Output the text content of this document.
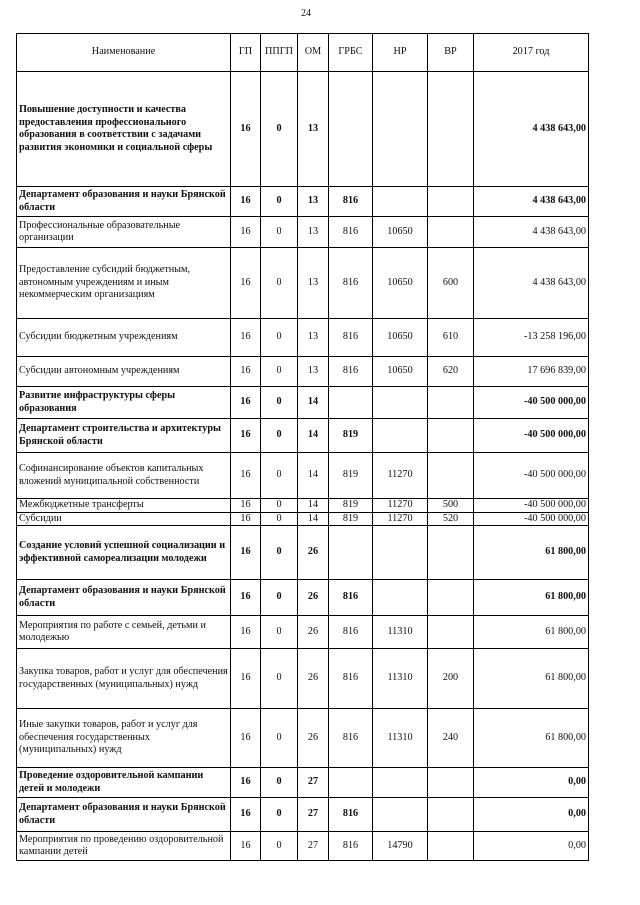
24
Наименование	ГП	ППГП	ОМ	ГРБС	НР	ВР	2017 год
Повышение доступности и качества предоставления профессионального образования в соответствии с задачами развития экономики и социальной сферы	16	0	13				4 438 643,00
Департамент образования и науки Брянской области	16	0	13	816			4 438 643,00
Профессиональные образовательные организации	16	0	13	816	10650		4 438 643,00
Предоставление субсидий бюджетным, автономным учреждениям и иным некоммерческим организациям	16	0	13	816	10650	600	4 438 643,00
Субсидии бюджетным учреждениям	16	0	13	816	10650	610	-13 258 196,00
Субсидии автономным учреждениям	16	0	13	816	10650	620	17 696 839,00
Развитие инфраструктуры сферы образования	16	0	14				-40 500 000,00
Департамент строительства и архитектуры Брянской области	16	0	14	819			-40 500 000,00
Софинансирование объектов капитальных вложений муниципальной собственности	16	0	14	819	11270		-40 500 000,00
Межбюджетные трансферты	16	0	14	819	11270	500	-40 500 000,00
Субсидии	16	0	14	819	11270	520	-40 500 000,00
Создание условий успешной социализации и эффективной самореализации молодежи	16	0	26				61 800,00
Департамент образования и науки Брянской области	16	0	26	816			61 800,00
Мероприятия по работе с семьей, детьми и молодежью	16	0	26	816	11310		61 800,00
Закупка товаров, работ и услуг для обеспечения государственных (муниципальных) нужд	16	0	26	816	11310	200	61 800,00
Иные закупки товаров, работ и услуг для обеспечения государственных (муниципальных) нужд	16	0	26	816	11310	240	61 800,00
Проведение оздоровительной кампании детей и молодежи	16	0	27				0,00
Департамент образования и науки Брянской области	16	0	27	816			0,00
Мероприятия по проведению оздоровительной кампании детей	16	0	27	816	14790		0,00
